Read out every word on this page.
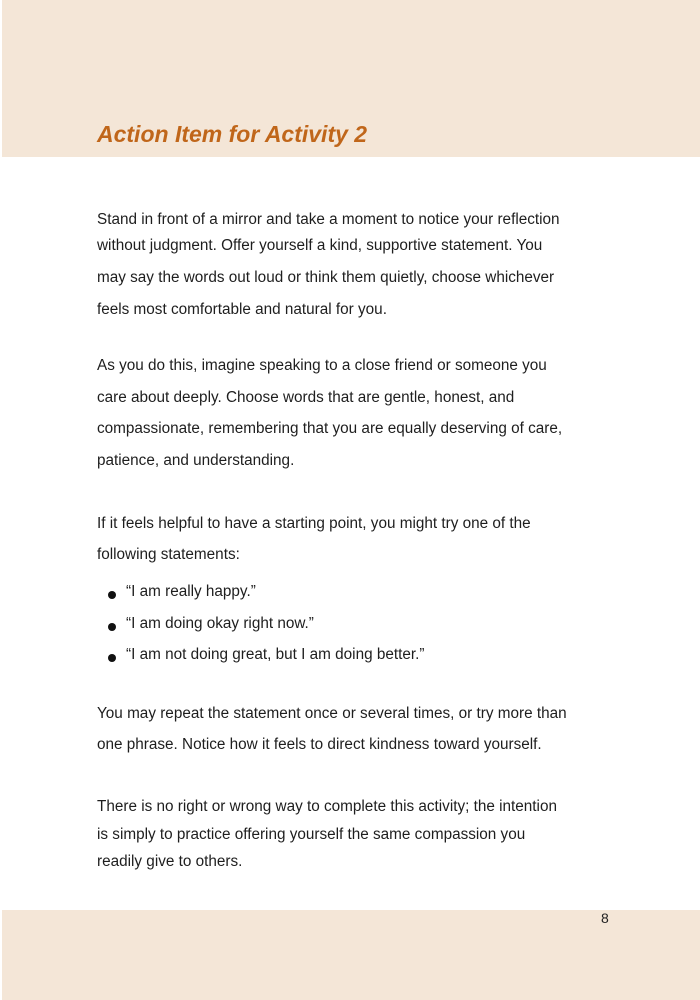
Action Item for Activity 2
Stand in front of a mirror and take a moment to notice your reflection
without judgment. Offer yourself a kind, supportive statement. You
may say the words out loud or think them quietly, choose whichever
feels most comfortable and natural for you.
As you do this, imagine speaking to a close friend or someone you
care about deeply. Choose words that are gentle, honest, and
compassionate, remembering that you are equally deserving of care,
patience, and understanding.
If it feels helpful to have a starting point, you might try one of the
following statements:
“I am really happy.”
“I am doing okay right now.”
“I am not doing great, but I am doing better.”
You may repeat the statement once or several times, or try more than
one phrase. Notice how it feels to direct kindness toward yourself.
There is no right or wrong way to complete this activity; the intention
is simply to practice offering yourself the same compassion you
readily give to others.
8
